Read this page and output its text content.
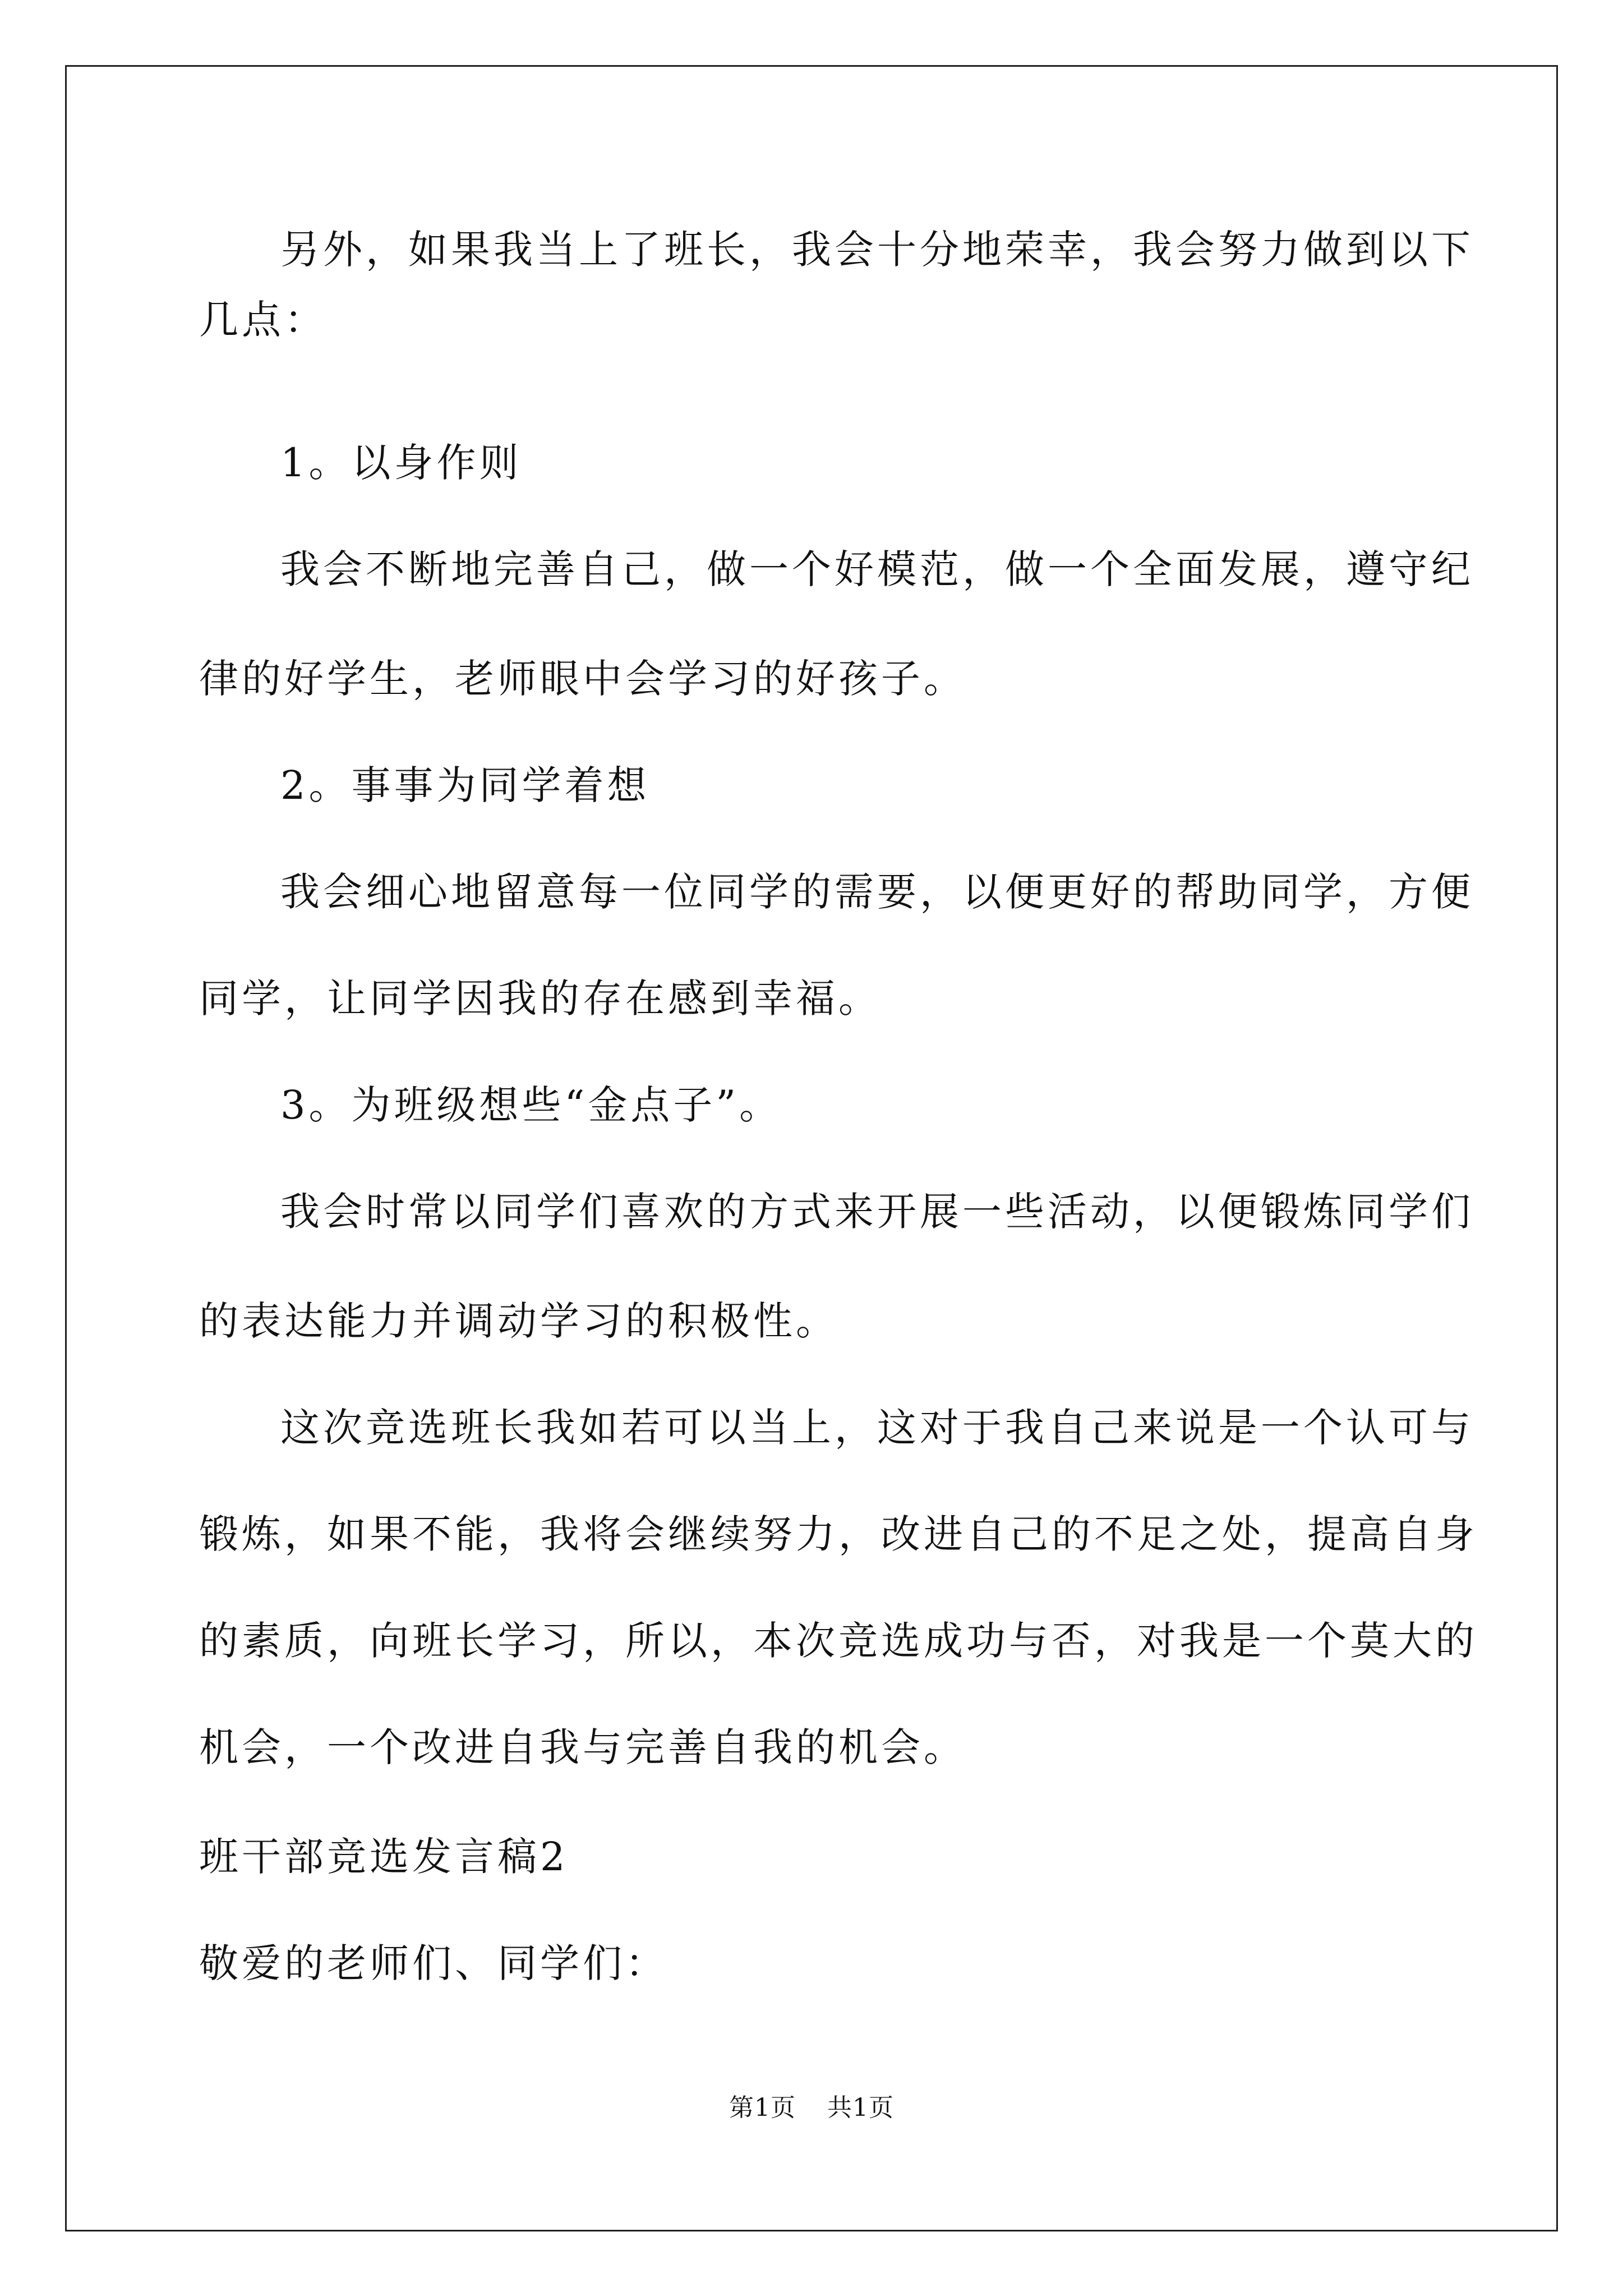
另外，如果我当上了班长，我会十分地荣幸，我会努力做到以下

几点：

1。以身作则

我会不断地完善自己，做一个好模范，做一个全面发展，遵守纪

律的好学生，老师眼中会学习的好孩子。

2。事事为同学着想

我会细心地留意每一位同学的需要，以便更好的帮助同学，方便

同学，让同学因我的存在感到幸福。

3。为班级想些“金点子”。

我会时常以同学们喜欢的方式来开展一些活动，以便锻炼同学们

的表达能力并调动学习的积极性。

这次竞选班长我如若可以当上，这对于我自己来说是一个认可与

锻炼，如果不能，我将会继续努力，改进自己的不足之处，提高自身

的素质，向班长学习，所以，本次竞选成功与否，对我是一个莫大的

机会，一个改进自我与完善自我的机会。

班干部竞选发言稿2

敬爱的老师们、同学们：

第1页 共1页
